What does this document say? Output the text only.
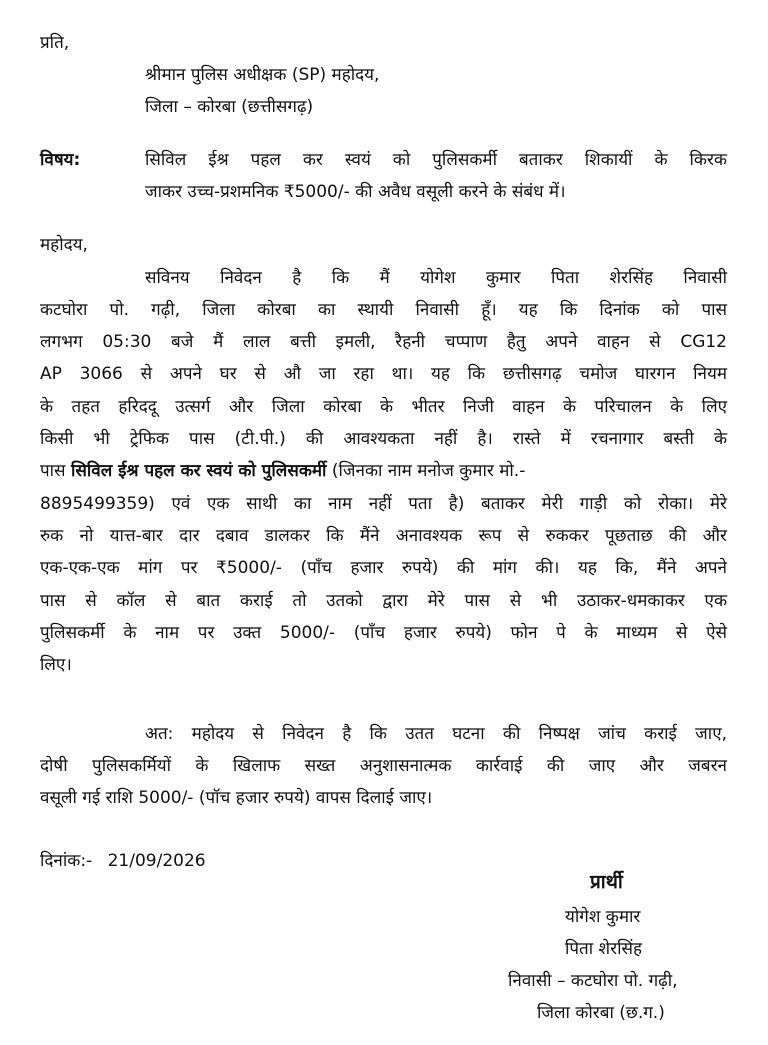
प्रति,
श्रीमान पुलिस अधीक्षक (SP) महोदय,
जिला – कोरबा (छत्तीसगढ़)
विषय:	सिविल ईश्र पहल कर स्वयं को पुलिसकर्मी बताकर शिकायीं के किरक
जाकर उच्च-प्रशमनिक ₹5000/- की अवैध वसूली करने के संबंध में।
महोदय,
सविनय निवेदन है कि मैं योगेश कुमार पिता शेरसिंह निवासी
कटघोरा पो. गढ़ी, जिला कोरबा का स्थायी निवासी हूँ। यह कि दिनांक को पास
लगभग 05:30 बजे मैं लाल बत्ती इमली, रैहनी चप्पाण हैतु अपने वाहन से CG12
AP 3066 से अपने घर से औ जा रहा था। यह कि छत्तीसगढ़ चमोज घारगन नियम
के तहत हरिददू उत्सर्ग और जिला कोरबा के भीतर निजी वाहन के परिचालन के लिए
किसी भी ट्रेफिक पास (टी.पी.) की आवश्यकता नहीं है। रास्ते में रचनागार बस्ती के
पास सिविल ईश्र पहल कर स्वयं को पुलिसकर्मी (जिनका नाम मनोज कुमार मो.-
8895499359) एवं एक साथी का नाम नहीं पता है) बताकर मेरी गाड़ी को रोका। मेरे
रुक नो यात्त-बार दार दबाव डालकर कि मैंने अनावश्यक रूप से रुककर पूछताछ की और
एक-एक-एक मांग पर ₹5000/- (पाँच हजार रुपये) की मांग की। यह कि, मैंने अपने
पास से कॉल से बात कराई तो उतको द्वारा मेरे पास से भी उठाकर-धमकाकर एक
पुलिसकर्मी के नाम पर उक्त 5000/- (पाँच हजार रुपये) फोन पे के माध्यम से ऐसे
लिए।
अत: महोदय से निवेदन है कि उतत घटना की निष्पक्ष जांच कराई जाए,
दोषी पुलिसकर्मियों के खिलाफ सख्त अनुशासनात्मक कार्रवाई की जाए और जबरन
वसूली गई राशि 5000/- (पॉच हजार रुपये) वापस दिलाई जाए।
दिनांक:- 21/09/2026
प्रार्थी
योगेश कुमार
पिता शेरसिंह
निवासी – कटघोरा पो. गढ़ी,
जिला कोरबा (छ.ग.)
